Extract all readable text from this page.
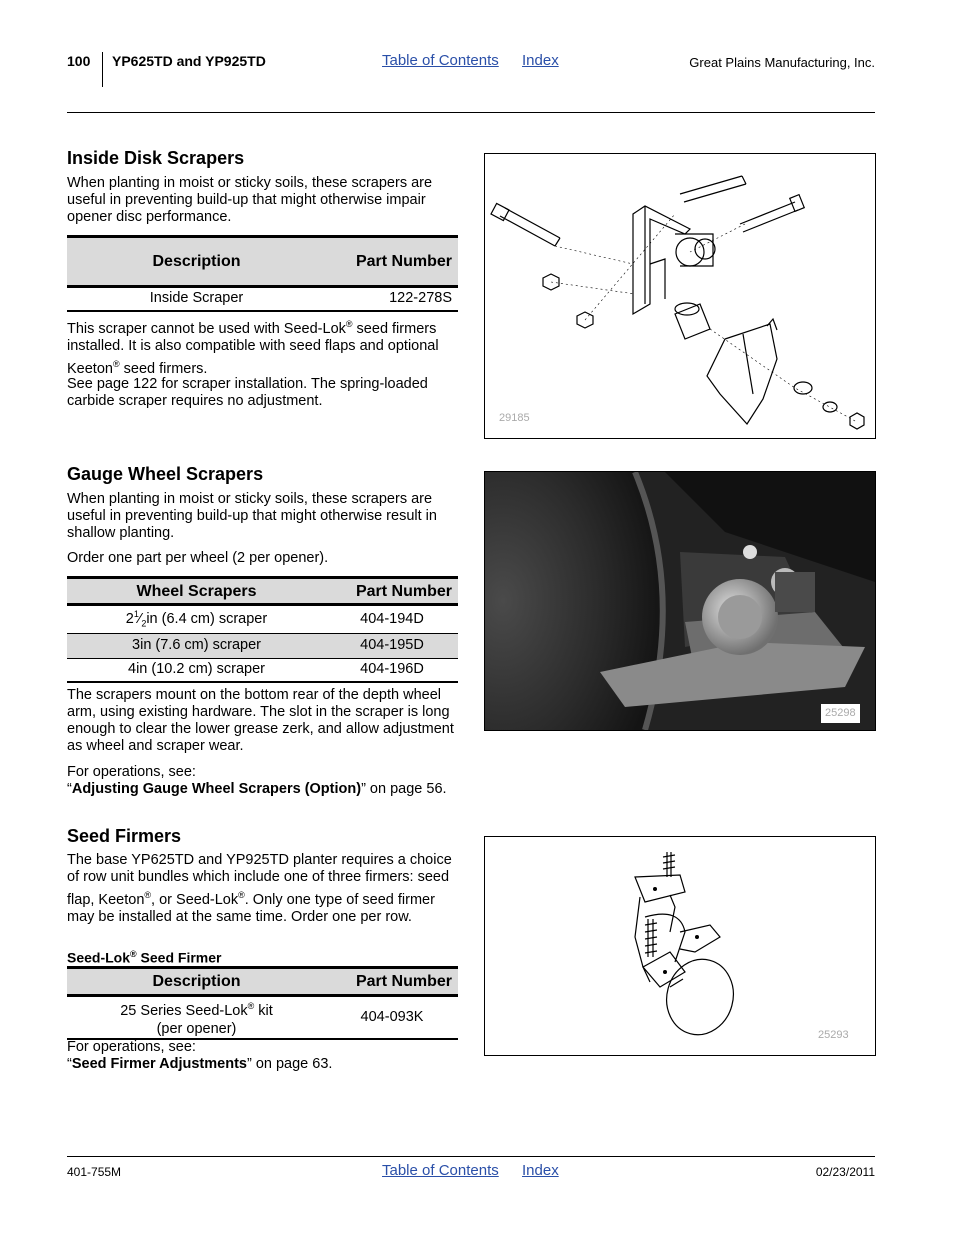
100 YP625TD and YP925TD	Table of Contents Index	Great Plains Manufacturing, Inc.
Inside Disk Scrapers

When planting in moist or sticky soils, these scrapers are useful in preventing build-up that might otherwise impair opener disc performance.

Description	Part Number
Inside Scraper	122-278S

This scraper cannot be used with Seed-Lok® seed firmers installed. It is also compatible with seed flaps and optional Keeton® seed firmers.

See page 122 for scraper installation. The spring-loaded carbide scraper requires no adjustment.

29185
Gauge Wheel Scrapers

When planting in moist or sticky soils, these scrapers are useful in preventing build-up that might otherwise result in shallow planting.

Order one part per wheel (2 per opener).

Wheel Scrapers	Part Number
$2^1⁄_2in$ (6.4 cm) scraper	404-194D
3in (7.6 cm) scraper	404-195D
4in (10.2 cm) scraper	404-196D

The scrapers mount on the bottom rear of the depth wheel arm, using existing hardware. The slot in the scraper is long enough to clear the lower grease zerk, and allow adjustment as wheel and scraper wear.

For operations, see:
“Adjusting Gauge Wheel Scrapers (Option)” on page 56.

25298
Seed Firmers

The base YP625TD and YP925TD planter requires a choice of row unit bundles which include one of three firmers: seed flap, Keeton®, or Seed-Lok®. Only one type of seed firmer may be installed at the same time. Order one per row.

Seed-Lok® Seed Firmer
Description	Part Number
25 Series Seed-Lok® kit
(per opener)	404-093K

For operations, see:
“Seed Firmer Adjustments” on page 63.

25293
401-755M	Table of Contents Index	02/23/2011
